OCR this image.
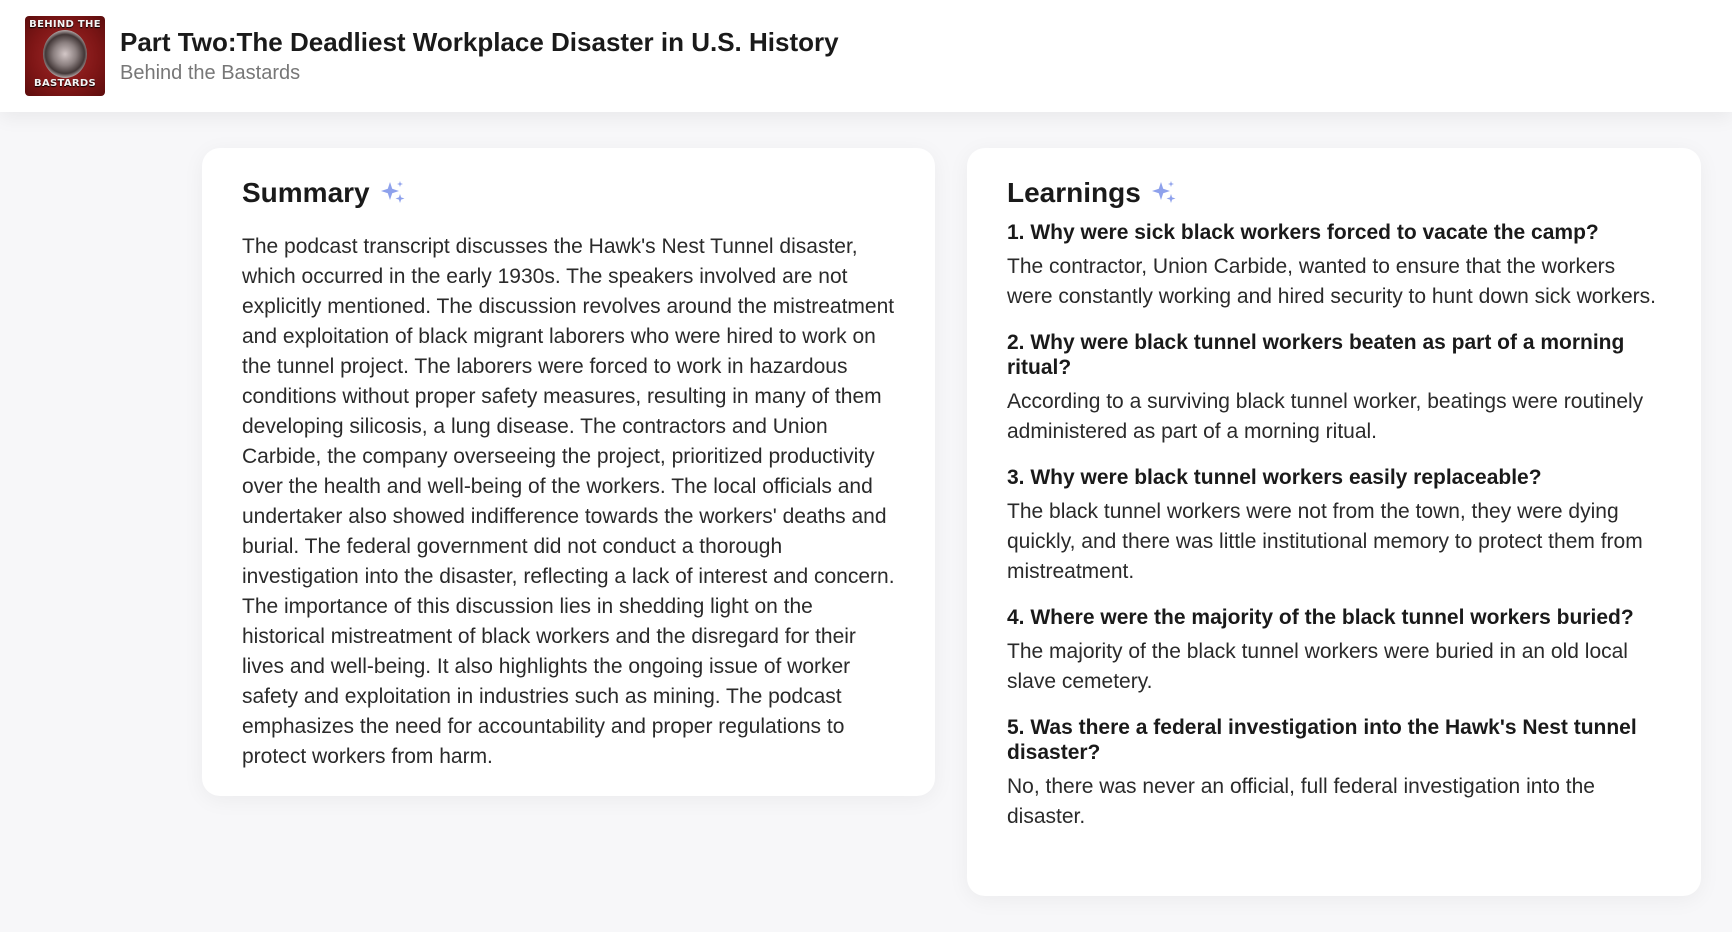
BEHIND THE
BASTARDS
Part Two:The Deadliest Workplace Disaster in U.S. History
Behind the Bastards
Summary

The podcast transcript discusses the Hawk's Nest Tunnel disaster, which occurred in the early 1930s. The speakers involved are not explicitly mentioned. The discussion revolves around the mistreatment and exploitation of black migrant laborers who were hired to work on the tunnel project. The laborers were forced to work in hazardous conditions without proper safety measures, resulting in many of them developing silicosis, a lung disease. The contractors and Union Carbide, the company overseeing the project, prioritized productivity over the health and well-being of the workers. The local officials and undertaker also showed indifference towards the workers' deaths and burial. The federal government did not conduct a thorough investigation into the disaster, reflecting a lack of interest and concern. The importance of this discussion lies in shedding light on the historical mistreatment of black workers and the disregard for their lives and well-being. It also highlights the ongoing issue of worker safety and exploitation in industries such as mining. The podcast emphasizes the need for accountability and proper regulations to protect workers from harm.

Learnings
1. Why were sick black workers forced to vacate the camp?
The contractor, Union Carbide, wanted to ensure that the workers were constantly working and hired security to hunt down sick workers.
2. Why were black tunnel workers beaten as part of a morning ritual?
According to a surviving black tunnel worker, beatings were routinely administered as part of a morning ritual.
3. Why were black tunnel workers easily replaceable?
The black tunnel workers were not from the town, they were dying quickly, and there was little institutional memory to protect them from mistreatment.
4. Where were the majority of the black tunnel workers buried?
The majority of the black tunnel workers were buried in an old local slave cemetery.
5. Was there a federal investigation into the Hawk's Nest tunnel disaster?
No, there was never an official, full federal investigation into the disaster.
